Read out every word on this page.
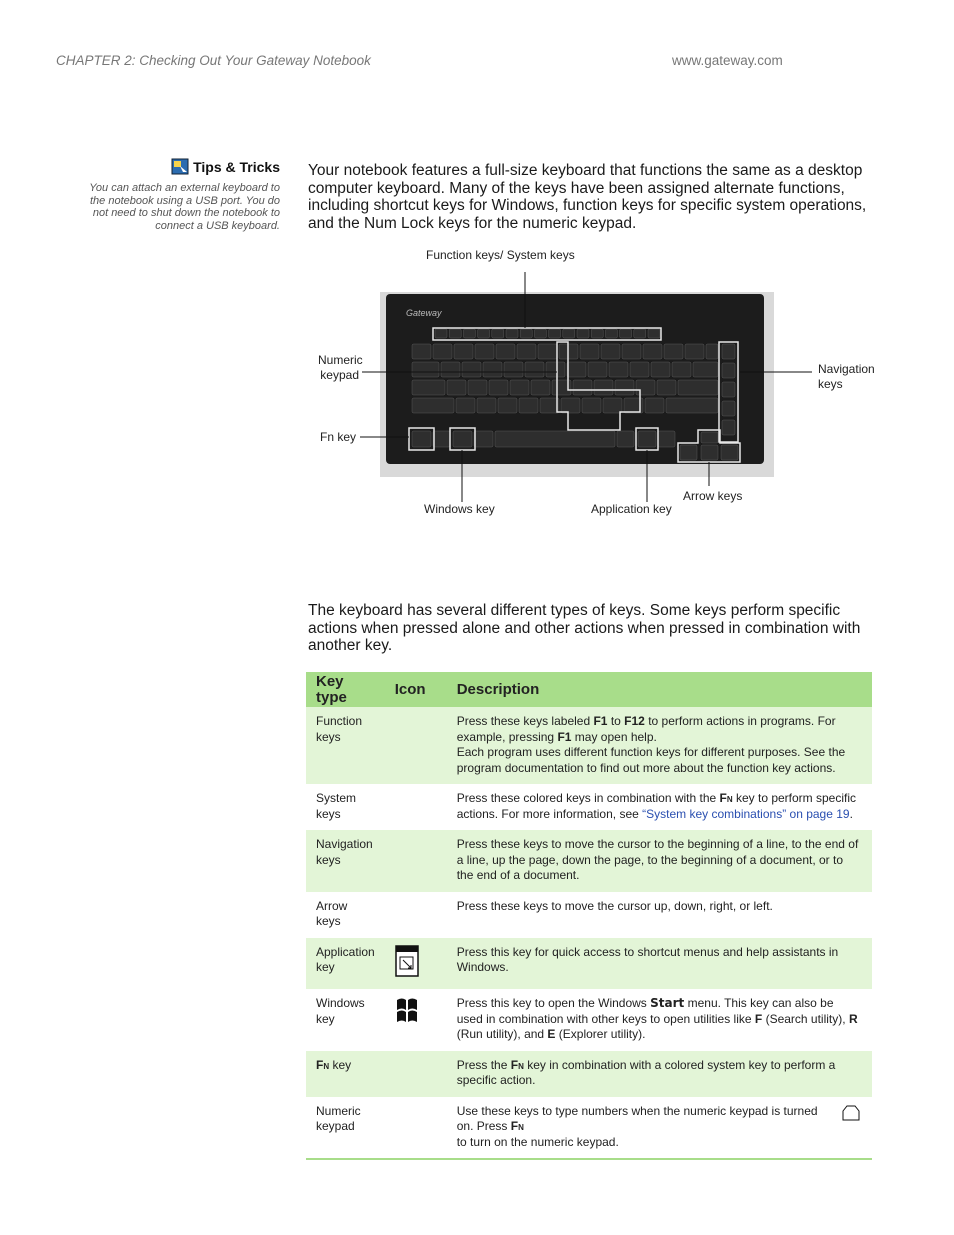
CHAPTER 2: Checking Out Your Gateway Notebook	www.gateway.com
Tips & Tricks
You can attach an external keyboard to the notebook using a USB port. You do not need to shut down the notebook to connect a USB keyboard.
Your notebook features a full-size keyboard that functions the same as a desktop computer keyboard. Many of the keys have been assigned alternate functions, including shortcut keys for Windows, function keys for specific system operations, and the Num Lock keys for the numeric keypad.
Gateway
Function keys/ System keys
Numeric
keypad	Navigation
keys
Fn key
Windows key	Application key
Arrow keys
The keyboard has several different types of keys. Some keys perform specific actions when pressed alone and other actions when pressed in combination with another key.
Key type	Icon	Description
Function keys		Press these keys labeled F1 to F12 to perform actions in programs. For example, pressing F1 may open help.
Each program uses different function keys for different purposes. See the program documentation to find out more about the function key actions.
System keys		Press these colored keys in combination with the Fn key to perform specific actions. For more information, see “System key combinations” on page 19.
Navigation keys		Press these keys to move the cursor to the beginning of a line, to the end of a line, up the page, down the page, to the beginning of a document, or to the end of a document.
Arrow keys		Press these keys to move the cursor up, down, right, or left.
Application key		Press this key for quick access to shortcut menus and help assistants in Windows.
Windows key		Press this key to open the Windows Start menu. This key can also be used in combination with other keys to open utilities like F (Search utility), R (Run utility), and E (Explorer utility).
Fn key		Press the Fn key in combination with a colored system key to perform a specific action.
Numeric keypad		Use these keys to type numbers when the numeric keypad is turned on. Press Fn
to turn on the numeric keypad.
